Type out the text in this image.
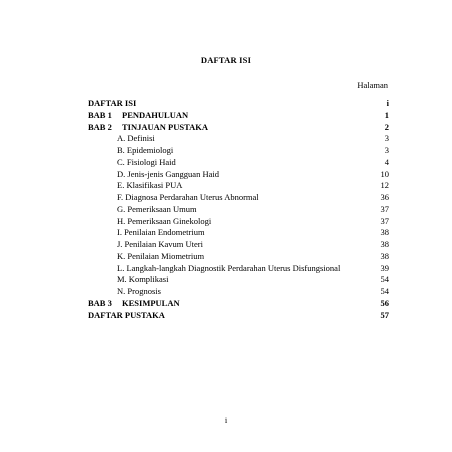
DAFTAR ISI
Halaman
DAFTAR ISI	i
BAB 1 PENDAHULUAN	1
BAB 2 TINJAUAN PUSTAKA	2
A. Definisi	3
B. Epidemiologi	3
C. Fisiologi Haid	4
D. Jenis-jenis Gangguan Haid	10
E. Klasifikasi PUA	12
F. Diagnosa Perdarahan Uterus Abnormal	36
G. Pemeriksaan Umum	37
H. Pemeriksaan Ginekologi	37
I. Penilaian Endometrium	38
J. Penilaian Kavum Uteri	38
K. Penilaian Miometrium	38
L. Langkah-langkah Diagnostik Perdarahan Uterus Disfungsional	39
M. Komplikasi	54
N. Prognosis	54
BAB 3 KESIMPULAN	56
DAFTAR PUSTAKA	57
i
